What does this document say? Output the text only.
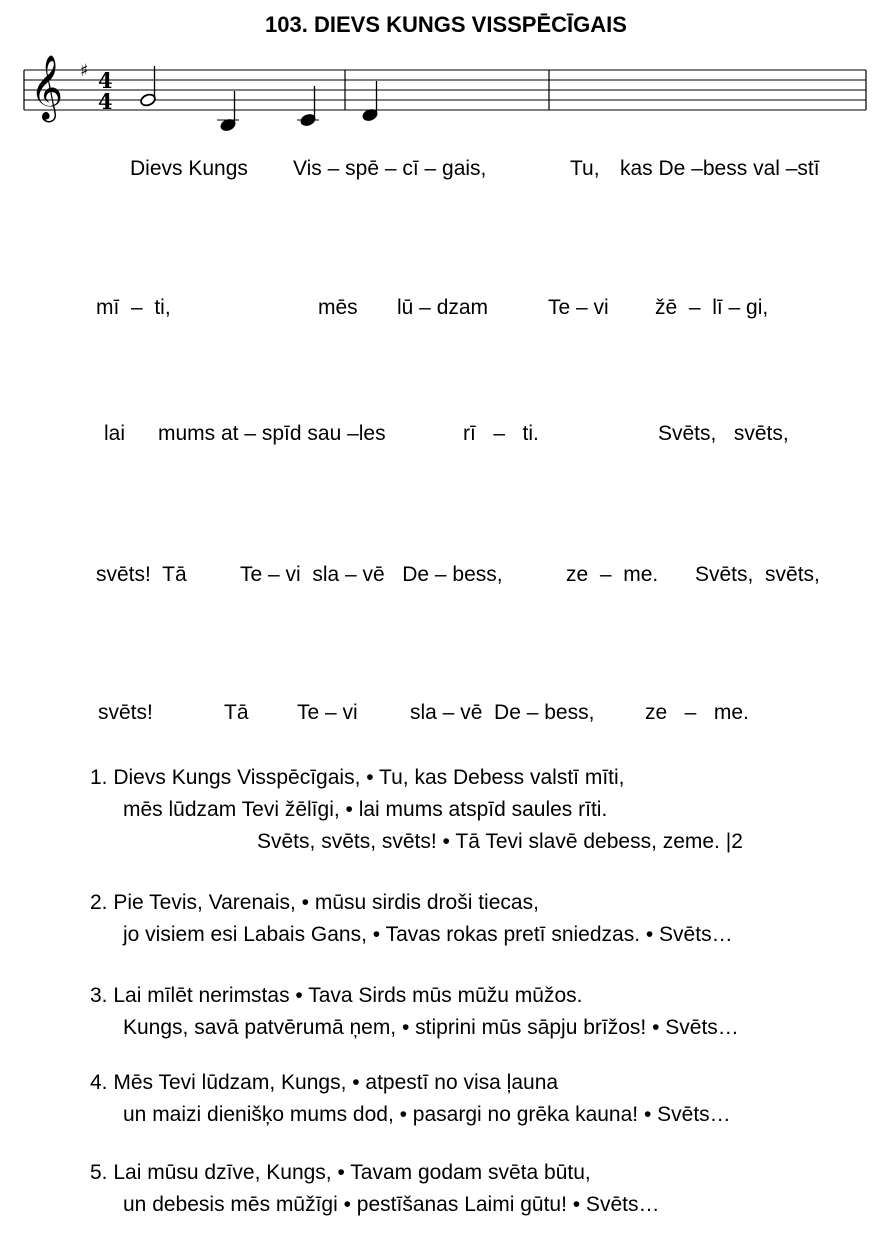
103. DIEVS KUNGS VISSPĒCĪGAIS
𝄞 ♯ 4
4
Dievs Kungs Vis – spē – cī – gais,	Tu, kas De –bess val –stī
mī  –  ti,	mēs lū – dzam	Te – vi žē  –  lī – gi,
lai mums at – spīd sau –les	rī   –   ti.	Svēts,   svēts,
svēts!  Tā	Te – vi  sla – vē   De – bess,	ze  –  me. Svēts,  svēts,
svēts!	Tā Te – vi sla – vē  De – bess, ze   –   me.
1. Dievs Kungs Visspēcīgais, • Tu, kas Debess valstī mīti,
mēs lūdzam Tevi žēlīgi, • lai mums atspīd saules rīti.
Svēts, svēts, svēts! • Tā Tevi slavē debess, zeme. |2
2. Pie Tevis, Varenais, • mūsu sirdis droši tiecas,
jo visiem esi Labais Gans, • Tavas rokas pretī sniedzas. • Svēts…
3. Lai mīlēt nerimstas • Tava Sirds mūs mūžu mūžos.
Kungs, savā patvērumā ņem, • stiprini mūs sāpju brīžos! • Svēts…
4. Mēs Tevi lūdzam, Kungs, • atpestī no visa ļauna
un maizi dienišķo mums dod, • pasargi no grēka kauna! • Svēts…
5. Lai mūsu dzīve, Kungs, • Tavam godam svēta būtu,
un debesis mēs mūžīgi • pestīšanas Laimi gūtu! • Svēts…
